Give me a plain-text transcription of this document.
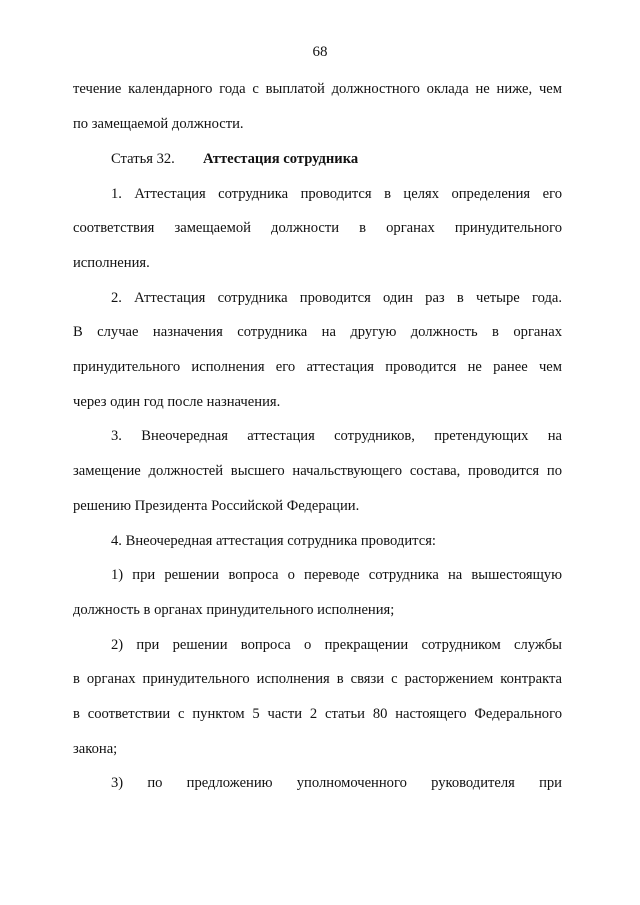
68
течение календарного года с выплатой должностного оклада не ниже, чем
по замещаемой должности.
Статья 32. Аттестация сотрудника
1. Аттестация сотрудника проводится в целях определения его
соответствия замещаемой должности в органах принудительного
исполнения.
2. Аттестация сотрудника проводится один раз в четыре года.
В случае назначения сотрудника на другую должность в органах
принудительного исполнения его аттестация проводится не ранее чем
через один год после назначения.
3. Внеочередная аттестация сотрудников, претендующих на
замещение должностей высшего начальствующего состава, проводится по
решению Президента Российской Федерации.
4. Внеочередная аттестация сотрудника проводится:
1) при решении вопроса о переводе сотрудника на вышестоящую
должность в органах принудительного исполнения;
2) при решении вопроса о прекращении сотрудником службы
в органах принудительного исполнения в связи с расторжением контракта
в соответствии с пунктом 5 части 2 статьи 80 настоящего Федерального
закона;
3) по предложению уполномоченного руководителя при
